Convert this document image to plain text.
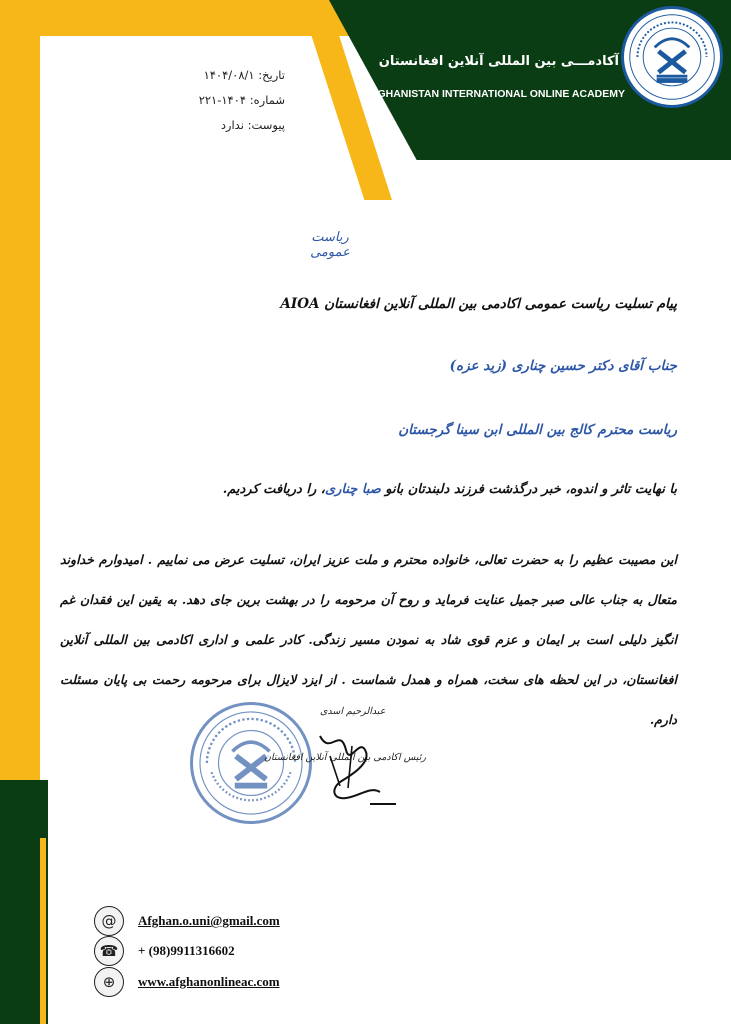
آکادمـــی بین المللی آنلاین افغانستان
AFGHANISTAN INTERNATIONAL ONLINE ACADEMY
تاریخ: ۱۴۰۴/۰۸/۱
شماره: ۱۴۰۴-۲۲۱
پیوست: ندارد
ریاست عمومی
پیام تسلیت ریاست عمومی اکادمی بین المللی آنلاین افغانستان AIOA
جناب آقای دکتر حسین چناری (زید عزه)
ریاست محترم کالج بین المللی ابن سینا گرجستان
با نهایت تاثر و اندوه، خبر درگذشت فرزند دلبندتان بانو صبا چناری، را دریافت کردیم.
این مصیبت عظیم را به حضرت تعالی، خانواده محترم و ملت عزیز ایران، تسلیت عرض می نماییم . امیدوارم خداوند متعال به جناب عالی صبر جمیل عنایت فرماید و روح آن مرحومه را در بهشت برین جای دهد. به یقین این فقدان غم انگیز دلیلی است بر ایمان و عزم قوی شاد به نمودن مسیر زندگی. کادر علمی و اداری اکادمی بین المللی آنلاین افغانستان، در این لحظه های سخت، همراه و همدل شماست . از ایزد لایزال برای مرحومه رحمت بی پایان مسئلت دارم.
عبدالرحیم اسدی
رئیس اکادمی بین المللی آنلاین افغانستان
@	Afghan.o.uni@gmail.com
☎	+ (98)9911316602
⊕	www.afghanonlineac.com
